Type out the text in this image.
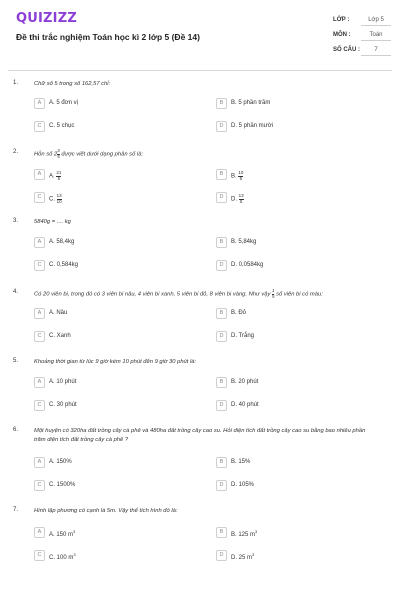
QUIZIZZ
Đề thi trắc nghiệm Toán học kì 2 lớp 5 (Đề 14)
LỚP :	Lớp 5
MÔN :	Toán
SỐ CÂU :	7
1.	Chữ số 5 trong số 162,57 chỉ:
A	A. 5 đơn vị	B	B. 5 phần trăm
C	C. 5 chục	D	D. 5 phần mười
2.	Hỗn số $2 \frac{3}{5}$ được viết dưới dạng phân số là:
A	A. $\frac{21}{5}$	B	B. $\frac{10}{5}$
C	C. $\frac{13}{10}$	D	D. $\frac{13}{5}$
3.	5840g = .... kg
A	A. 58,4kg	B	B. 5,84kg
C	C. 0,584kg	D	D. 0,0584kg
4.	Có 20 viên bi, trong đó có 3 viên bi nâu, 4 viên bi xanh, 5 viên bi đỏ, 8 viên bi vàng. Như vậy $\frac{1}{5}$ số viên bi có màu:
A	A. Nâu	B	B. Đỏ
C	C. Xanh	D	D. Trắng
5.	Khoảng thời gian từ lúc 9 giờ kém 10 phút đến 9 giờ 30 phút là:
A	A. 10 phút	B	B. 20 phút
C	C. 30 phút	D	D. 40 phút
6.	Một huyện có 320ha đất trồng cây cà phê và 480ha đất trồng cây cao su. Hỏi diện tích đất trồng cây cao su bằng bao nhiêu phần trăm diện tích đất trồng cây cà phê ?
A	A. 150%	B	B. 15%
C	C. 1500%	D	D. 105%
7.	Hình lập phương có cạnh là 5m. Vậy thể tích hình đó là:
A	A. 150 $m^3$	B	B. 125 $m^3$
C	C. 100 $m^3$	D	D. 25 $m^3$
